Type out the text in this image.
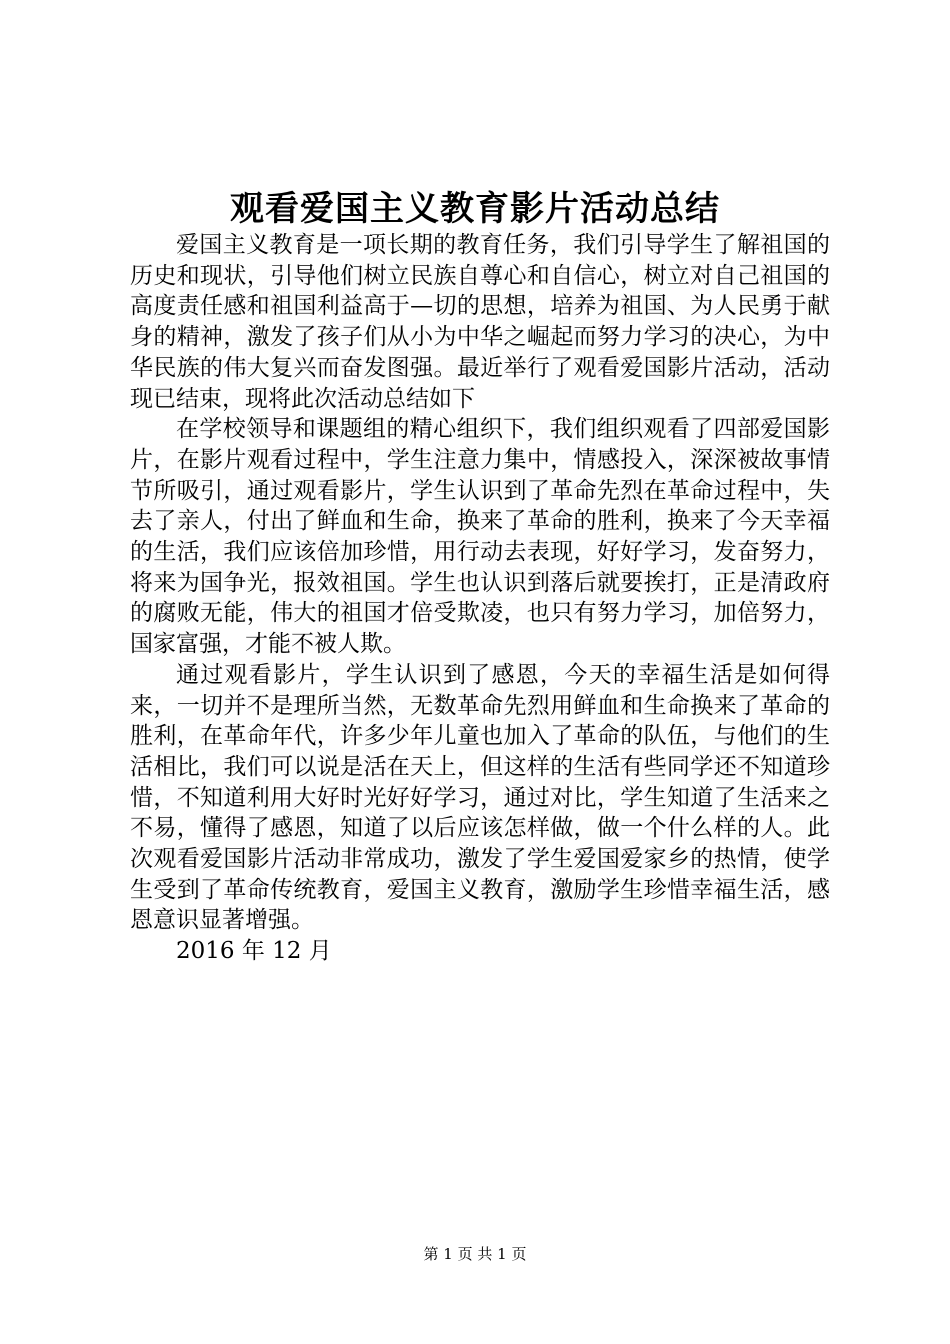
观看爱国主义教育影片活动总结

爱国主义教育是一项长期的教育任务，我们引导学生了解祖国的历史和现状，引导他们树立民族自尊心和自信心，树立对自己祖国的高度责任感和祖国利益高于—切的思想，培养为祖国、为人民勇于献身的精神，激发了孩子们从小为中华之崛起而努力学习的决心，为中华民族的伟大复兴而奋发图强。最近举行了观看爱国影片活动，活动现已结束，现将此次活动总结如下

在学校领导和课题组的精心组织下，我们组织观看了四部爱国影片，在影片观看过程中，学生注意力集中，情感投入，深深被故事情节所吸引，通过观看影片，学生认识到了革命先烈在革命过程中，失去了亲人，付出了鲜血和生命，换来了革命的胜利，换来了今天幸福的生活，我们应该倍加珍惜，用行动去表现，好好学习，发奋努力，将来为国争光，报效祖国。学生也认识到落后就要挨打，正是清政府的腐败无能，伟大的祖国才倍受欺凌，也只有努力学习，加倍努力，国家富强，才能不被人欺。

通过观看影片，学生认识到了感恩，今天的幸福生活是如何得来，一切并不是理所当然，无数革命先烈用鲜血和生命换来了革命的胜利，在革命年代，许多少年儿童也加入了革命的队伍，与他们的生活相比，我们可以说是活在天上，但这样的生活有些同学还不知道珍惜，不知道利用大好时光好好学习，通过对比，学生知道了生活来之不易，懂得了感恩，知道了以后应该怎样做，做一个什么样的人。此次观看爱国影片活动非常成功，激发了学生爱国爱家乡的热情，使学生受到了革命传统教育，爱国主义教育，激励学生珍惜幸福生活，感恩意识显著增强。

2016 年 12 月

第 1 页 共 1 页
